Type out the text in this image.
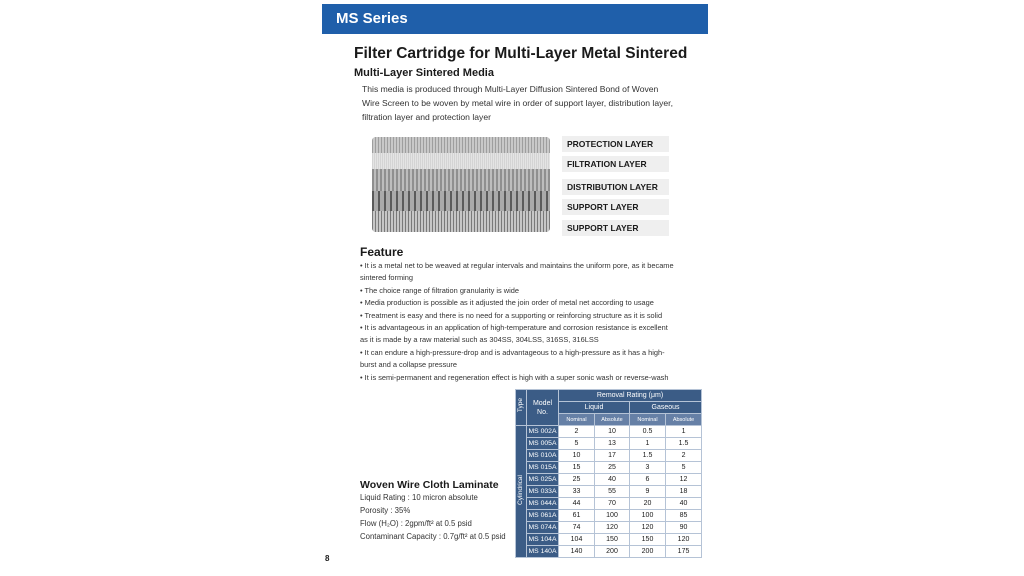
MS Series
Filter Cartridge for Multi-Layer Metal Sintered
Multi-Layer Sintered Media
This media is produced through Multi-Layer Diffusion Sintered Bond of Woven
Wire Screen to be woven by metal wire in order of support layer, distribution layer,
filtration layer and protection layer
PROTECTION LAYER
FILTRATION LAYER
DISTRIBUTION LAYER
SUPPORT LAYER
SUPPORT LAYER
Feature
• It is a metal net to be weaved at regular intervals and maintains the uniform pore, as it became
sintered forming
• The choice range of filtration granularity is wide
• Media production is possible as it adjusted the join order of metal net according to usage
• Treatment is easy and there is no need for a supporting or reinforcing structure as it is solid
• It is advantageous in an application of high-temperature and corrosion resistance is excellent
as it is made by a raw material such as 304SS, 304LSS, 316SS, 316LSS
• It can endure a high-pressure-drop and is advantageous to a high-pressure as it has a high-
burst and a collapse pressure
• It is semi-permanent and regeneration effect is high with a super sonic wash or reverse-wash
Type	Model No.	Removal Rating (μm)			
		Liquid		Gaseous	
		Nominal	Absolute	Nominal	Absolute
Cylindrical	MS 002A	2	10	0.5	1
	MS 005A	5	13	1	1.5
	MS 010A	10	17	1.5	2
	MS 015A	15	25	3	5
	MS 025A	25	40	6	12
	MS 033A	33	55	9	18
	MS 044A	44	70	20	40
	MS 061A	61	100	100	85
	MS 074A	74	120	120	90
	MS 104A	104	150	150	120
	MS 140A	140	200	200	175
Woven Wire Cloth Laminate
Liquid Rating : 10 micron absolute
Porosity : 35%
Flow (H₂O) : 2gpm/ft² at 0.5 psid
Contaminant Capacity : 0.7g/ft² at 0.5 psid
8
